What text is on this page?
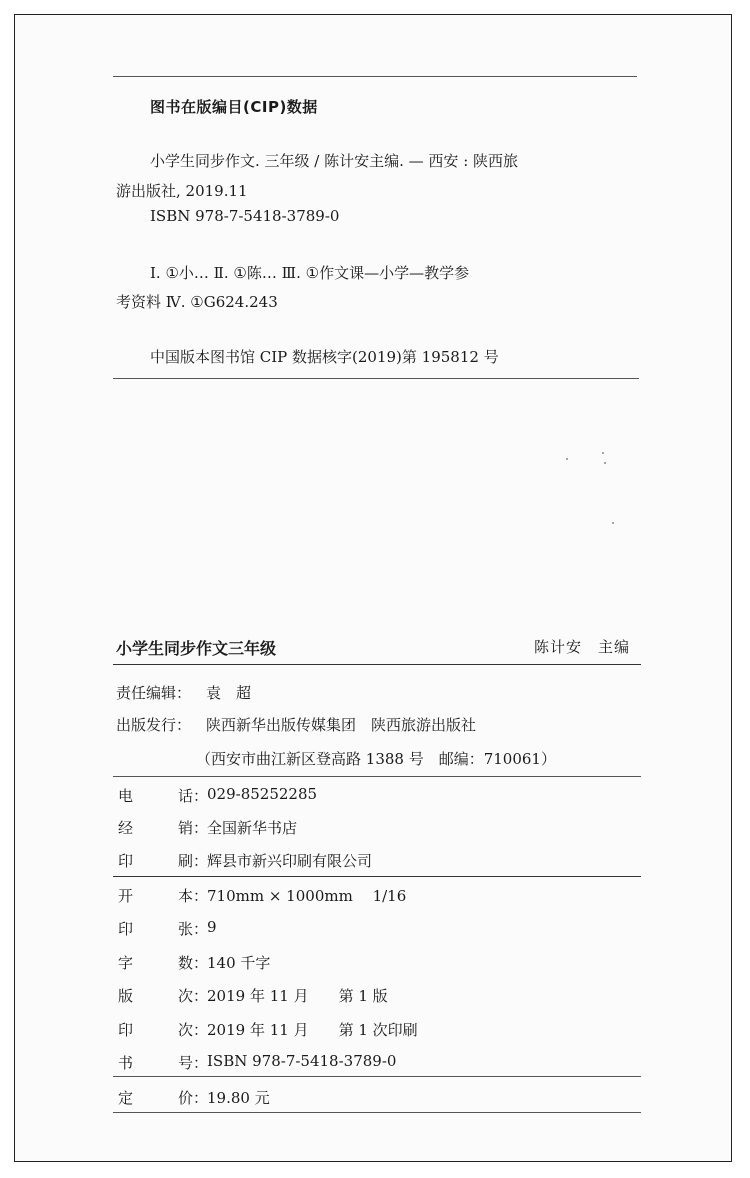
图书在版编目(CIP)数据
小学生同步作文. 三年级 / 陈计安主编. — 西安 : 陕西旅
游出版社, 2019.11
ISBN 978-7-5418-3789-0
Ⅰ. ①小… Ⅱ. ①陈… Ⅲ. ①作文课—小学—教学参
考资料 Ⅳ. ①G624.243
中国版本图书馆 CIP 数据核字(2019)第 195812 号
小学生同步作文三年级	陈计安　主编
责任编辑： 袁　超
出版发行： 陕西新华出版传媒集团　陕西旅游出版社
（西安市曲江新区登高路 1388 号　邮编：710061）
电	话：
029-85252285
经	销：
全国新华书店
印	刷：
辉县市新兴印刷有限公司
开	本：
710mm × 1000mm　 1/16
印	张：
9
字	数：
140 千字
版	次：
2019 年 11 月　　第 1 版
印	次：
2019 年 11 月　　第 1 次印刷
书	号：
ISBN 978-7-5418-3789-0
定	价：
19.80 元
